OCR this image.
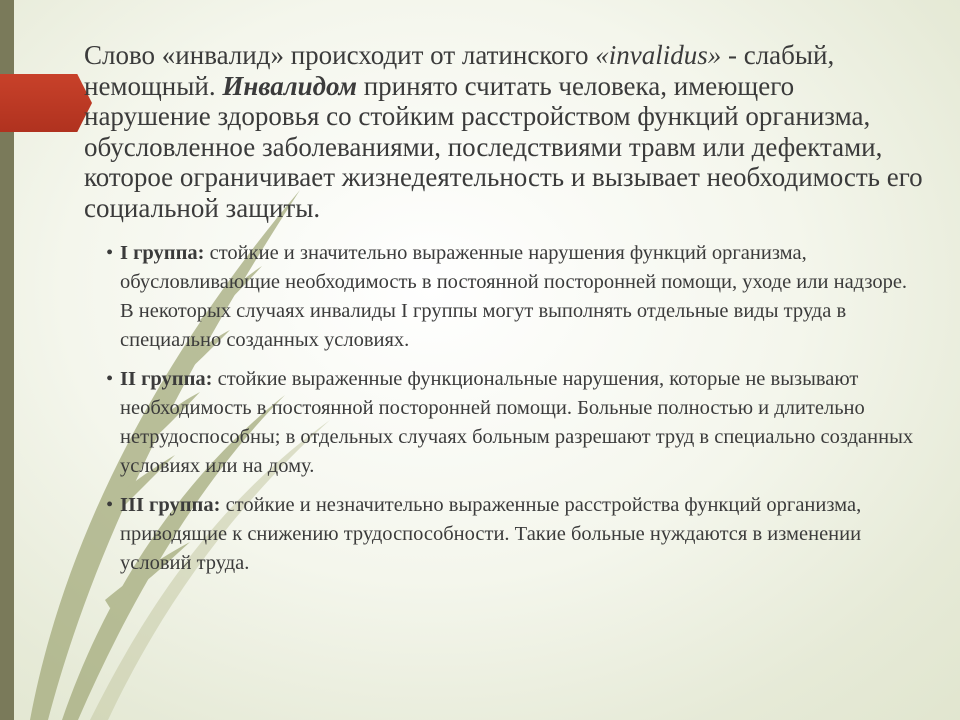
Слово «инвалид» происходит от латинского «invalidus» - слабый, немощный. Инвалидом принято считать человека, имеющего нарушение здоровья со стойким расстройством функций организма, обусловленное заболеваниями, последствиями травм или дефектами, которое ограничивает жизнедеятельность и вызывает необходимость его социальной защиты.

• I группа: стойкие и значительно выраженные нарушения функций организма, обусловливающие необходимость в постоянной посторонней помощи, уходе или надзоре. В некоторых случаях инвалиды I группы могут выполнять отдельные виды труда в специально созданных условиях.
• II группа: стойкие выраженные функциональные нарушения, которые не вызывают необходимость в постоянной посторонней помощи. Больные полностью и длительно нетрудоспособны; в отдельных случаях больным разрешают труд в специально созданных условиях или на дому.
• III группа: стойкие и незначительно выраженные расстройства функций организма, приводящие к снижению трудоспособности. Такие больные нуждаются в изменении условий труда.
